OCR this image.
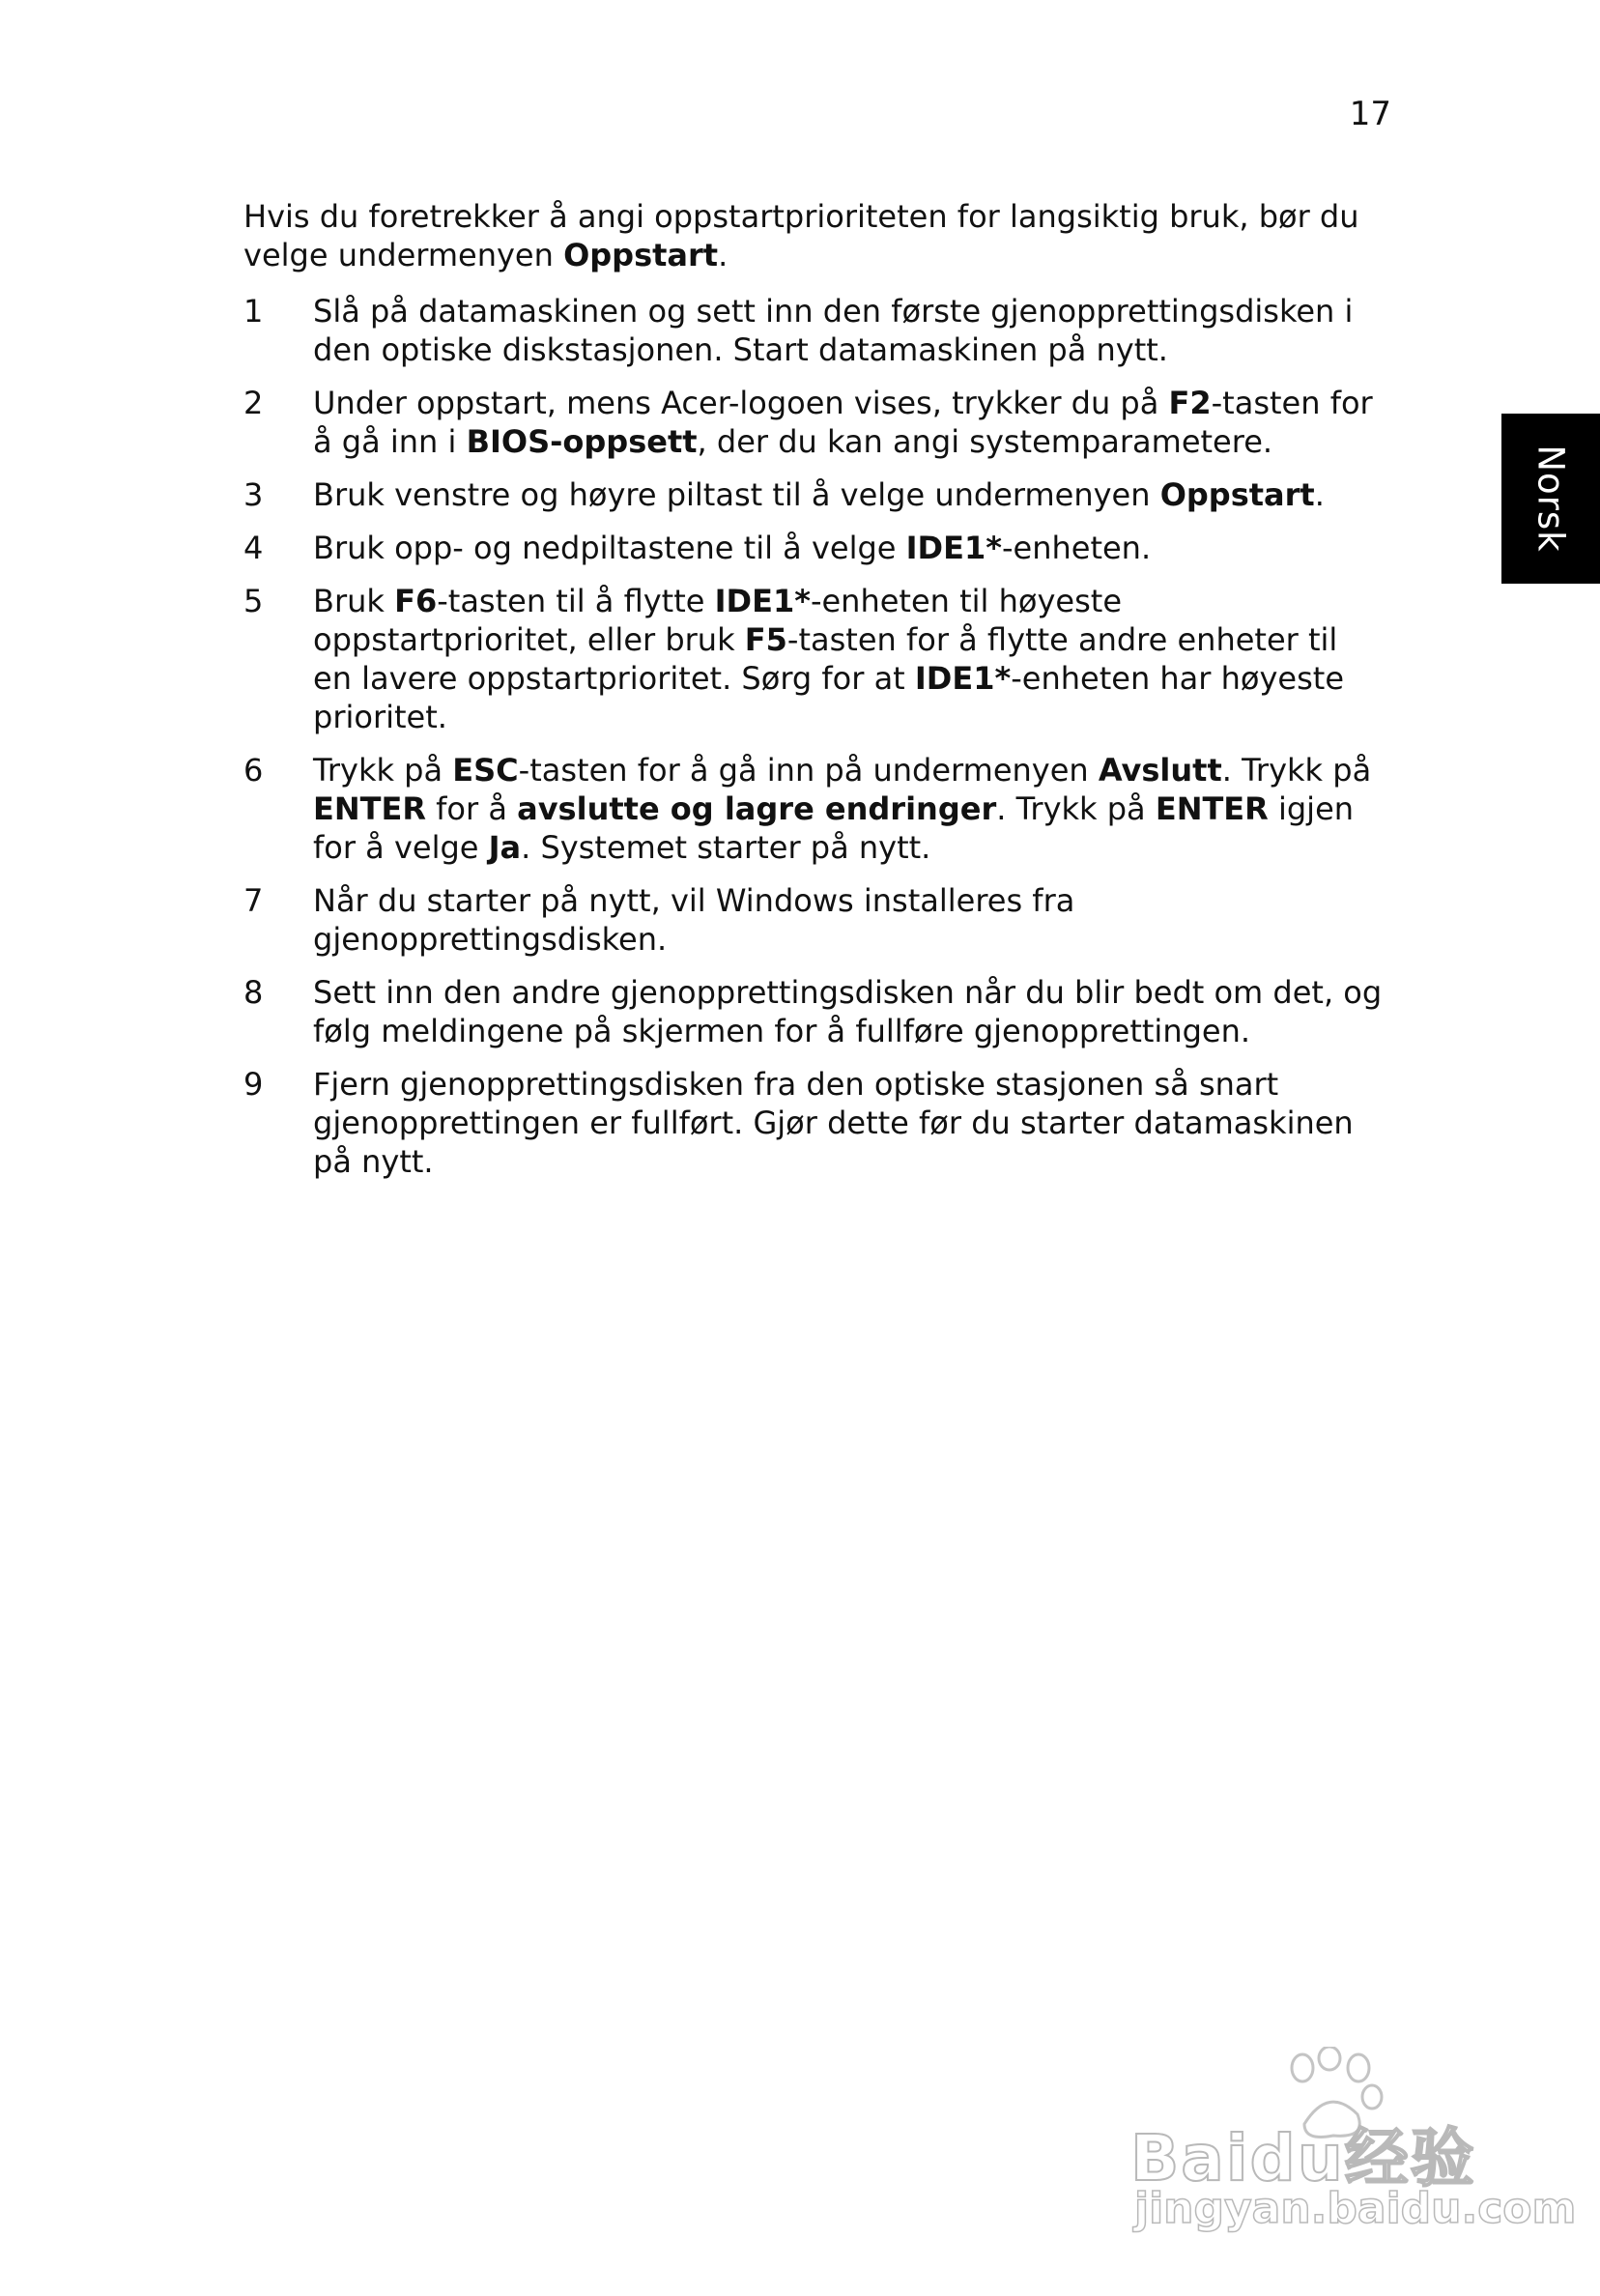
17
Norsk

Hvis du foretrekker å angi oppstartprioriteten for langsiktig bruk, bør du velge undermenyen Oppstart.

1 Slå på datamaskinen og sett inn den første gjenopprettingsdisken i den optiske diskstasjonen. Start datamaskinen på nytt.
2 Under oppstart, mens Acer-logoen vises, trykker du på F2-tasten for å gå inn i BIOS-oppsett, der du kan angi systemparametere.
3 Bruk venstre og høyre piltast til å velge undermenyen Oppstart.
4 Bruk opp- og nedpiltastene til å velge IDE1*-enheten.
5 Bruk F6-tasten til å flytte IDE1*-enheten til høyeste oppstartprioritet, eller bruk F5-tasten for å flytte andre enheter til en lavere oppstartprioritet. Sørg for at IDE1*-enheten har høyeste prioritet.
6 Trykk på ESC-tasten for å gå inn på undermenyen Avslutt. Trykk på ENTER for å avslutte og lagre endringer. Trykk på ENTER igjen for å velge Ja. Systemet starter på nytt.
7 Når du starter på nytt, vil Windows installeres fra gjenopprettingsdisken.
8 Sett inn den andre gjenopprettingsdisken når du blir bedt om det, og følg meldingene på skjermen for å fullføre gjenopprettingen.
9 Fjern gjenopprettingsdisken fra den optiske stasjonen så snart gjenopprettingen er fullført. Gjør dette før du starter datamaskinen på nytt.
Baidu经验
jingyan.baidu.com
